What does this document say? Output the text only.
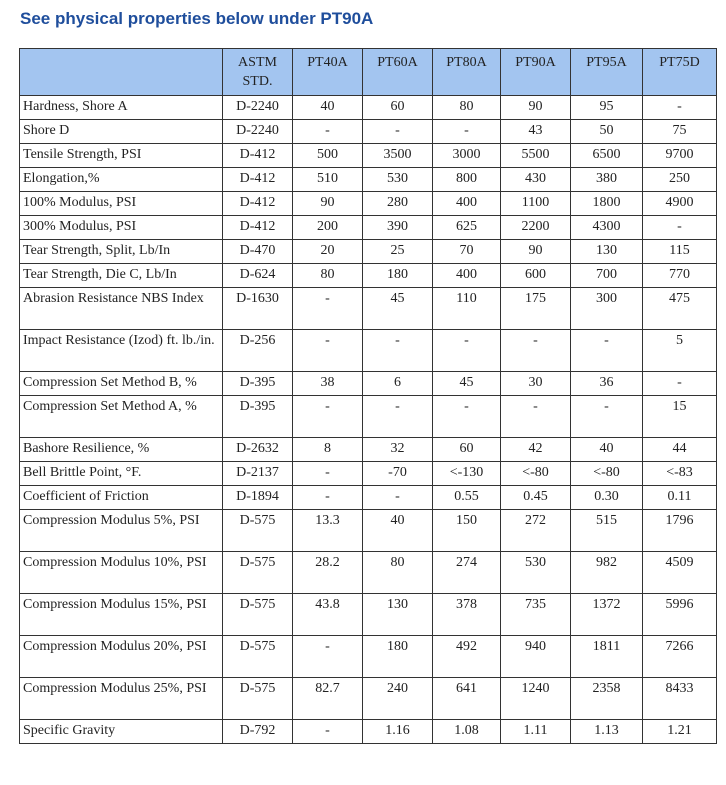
See physical properties below under PT90A
	ASTM STD.	PT40A	PT60A	PT80A	PT90A	PT95A	PT75D
Hardness, Shore A	D-2240	40	60	80	90	95	-
Shore D	D-2240	-	-	-	43	50	75
Tensile Strength, PSI	D-412	500	3500	3000	5500	6500	9700
Elongation,%	D-412	510	530	800	430	380	250
100% Modulus, PSI	D-412	90	280	400	1100	1800	4900
300% Modulus, PSI	D-412	200	390	625	2200	4300	-
Tear Strength, Split, Lb/In	D-470	20	25	70	90	130	115
Tear Strength, Die C, Lb/In	D-624	80	180	400	600	700	770
Abrasion Resistance NBS Index	D-1630	-	45	110	175	300	475
Impact Resistance (Izod) ft. lb./in.	D-256	-	-	-	-	-	5
Compression Set Method B, %	D-395	38	6	45	30	36	-
Compression Set Method A, %	D-395	-	-	-	-	-	15
Bashore Resilience, %	D-2632	8	32	60	42	40	44
Bell Brittle Point, °F.	D-2137	-	-70	<-130	<-80	<-80	<-83
Coefficient of Friction	D-1894	-	-	0.55	0.45	0.30	0.11
Compression Modulus 5%, PSI	D-575	13.3	40	150	272	515	1796
Compression Modulus 10%, PSI	D-575	28.2	80	274	530	982	4509
Compression Modulus 15%, PSI	D-575	43.8	130	378	735	1372	5996
Compression Modulus 20%, PSI	D-575	-	180	492	940	1811	7266
Compression Modulus 25%, PSI	D-575	82.7	240	641	1240	2358	8433
Specific Gravity	D-792	-	1.16	1.08	1.11	1.13	1.21
